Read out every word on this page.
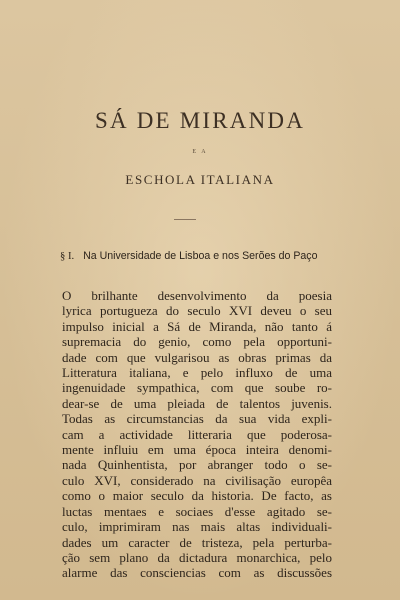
SÁ DE MIRANDA
E A
ESCHOLA ITALIANA
§ I. Na Universidade de Lisboa e nos Serões do Paço
O brilhante desenvolvimento da poesia
lyrica portugueza do seculo XVI deveu o seu
impulso inicial a Sá de Miranda, não tanto á
supremacia do genio, como pela opportuni-
dade com que vulgarisou as obras primas da
Litteratura italiana, e pelo influxo de uma
ingenuidade sympathica, com que soube ro-
dear-se de uma pleiada de talentos juvenis.
Todas as circumstancias da sua vida expli-
cam a actividade litteraria que poderosa-
mente influiu em uma época inteira denomi-
nada Quinhentista, por abranger todo o se-
culo XVI, considerado na civilisação europêa
como o maior seculo da historia. De facto, as
luctas mentaes e sociaes d'esse agitado se-
culo, imprimiram nas mais altas individuali-
dades um caracter de tristeza, pela perturba-
ção sem plano da dictadura monarchica, pelo
alarme das consciencias com as discussões
